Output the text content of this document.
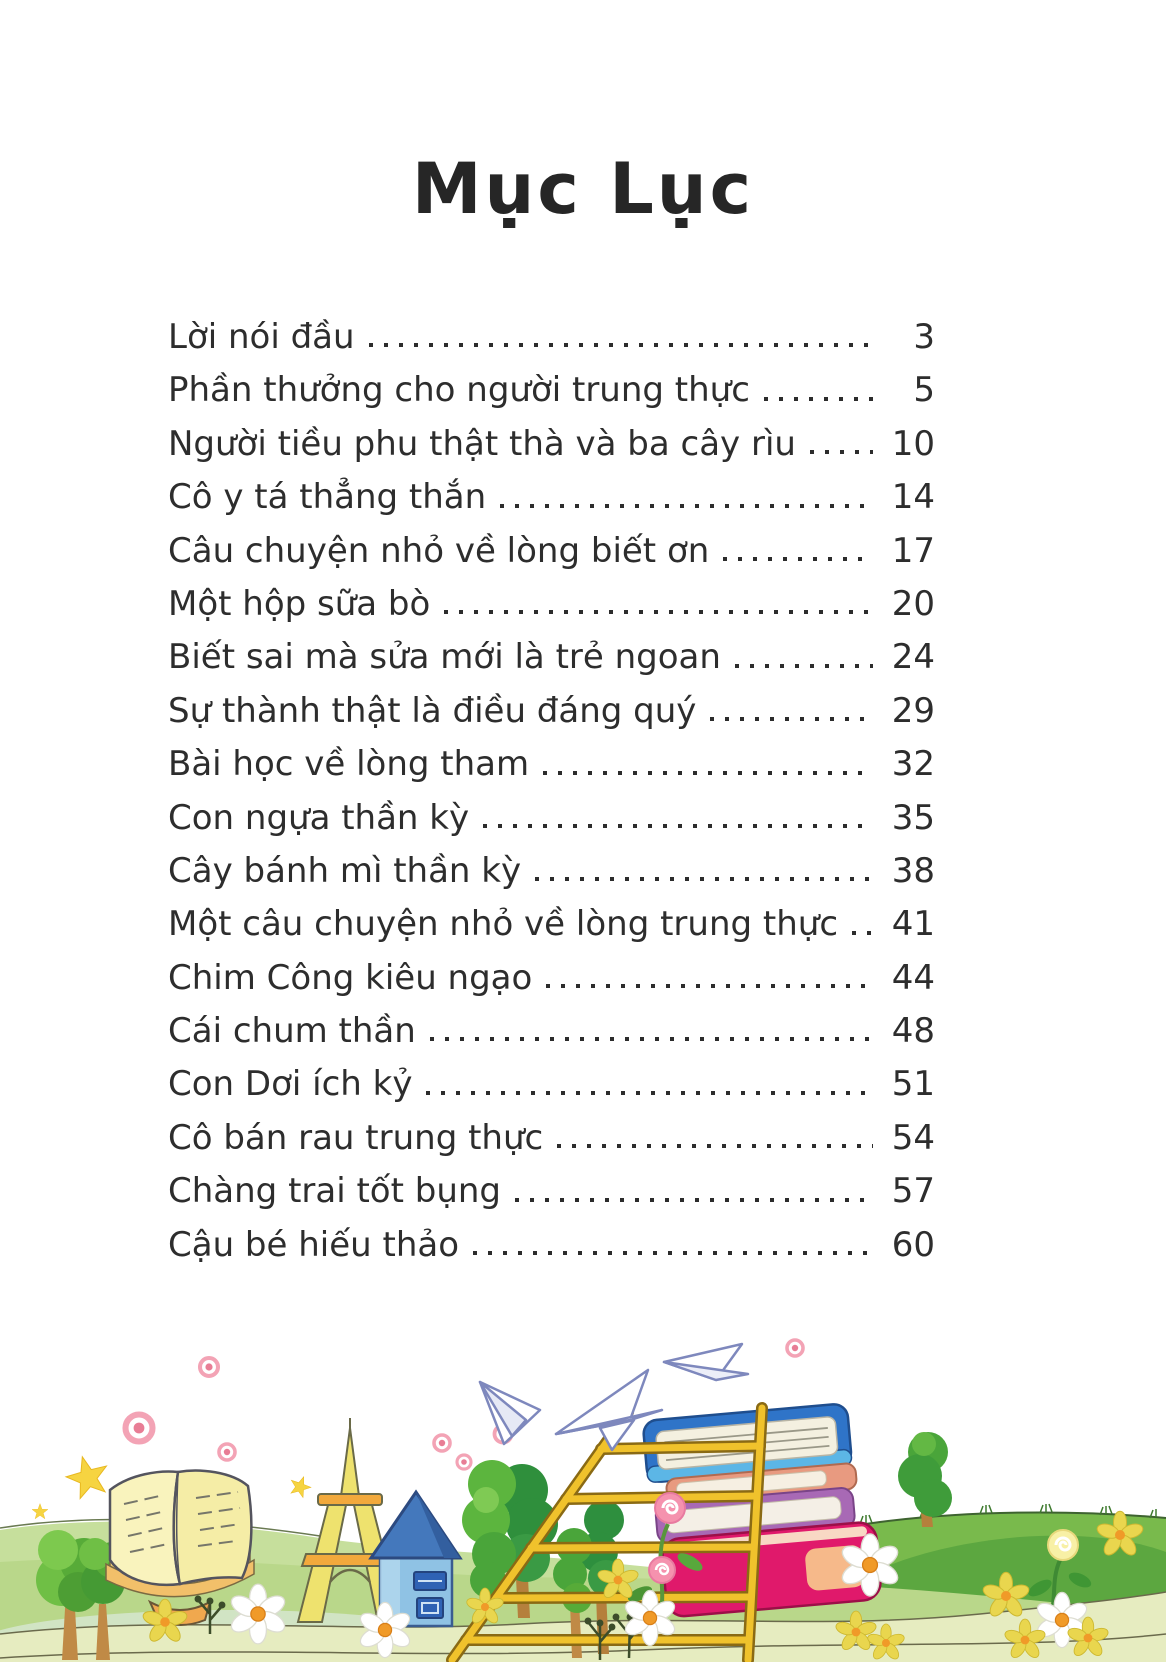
Mục Lục
Lời nói đầu	3
Phần thưởng cho người trung thực	5
Người tiều phu thật thà và ba cây rìu	10
Cô y tá thẳng thắn	14
Câu chuyện nhỏ về lòng biết ơn	17
Một hộp sữa bò	20
Biết sai mà sửa mới là trẻ ngoan	24
Sự thành thật là điều đáng quý	29
Bài học về lòng tham	32
Con ngựa thần kỳ	35
Cây bánh mì thần kỳ	38
Một câu chuyện nhỏ về lòng trung thực 41
Chim Công kiêu ngạo	44
Cái chum thần	48
Con Dơi ích kỷ	51
Cô bán rau trung thực	54
Chàng trai tốt bụng	57
Cậu bé hiếu thảo	60
